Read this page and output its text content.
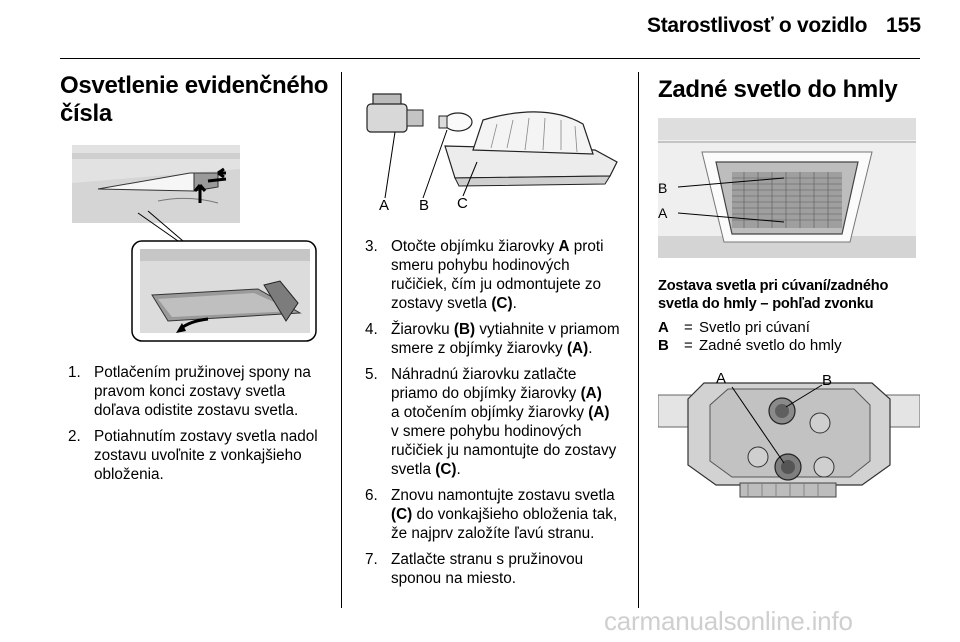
Starostlivosť o vozidlo 155
Osvetlenie evidenčného
čísla
1. Potlačením pružinovej spony na
pravom konci zostavy svetla
doľava odistite zostavu svetla.
2. Potiahnutím zostavy svetla nadol
zostavu uvoľnite z vonkajšieho
obloženia.
A B C
3. Otočte objímku žiarovky A proti
smeru pohybu hodinových
ručičiek, čím ju odmontujete zo
zostavy svetla (C).
4. Žiarovku (B) vytiahnite v priamom
smere z objímky žiarovky (A).
5. Náhradnú žiarovku zatlačte
priamo do objímky žiarovky (A)
a otočením objímky žiarovky (A)
v smere pohybu hodinových
ručičiek ju namontujte do zostavy
svetla (C).
6. Znovu namontujte zostavu svetla
(C) do vonkajšieho obloženia tak,
že najprv založíte ľavú stranu.
7. Zatlačte stranu s pružinovou
sponou na miesto.
Zadné svetlo do hmly
B
A
Zostava svetla pri cúvaní/zadného
svetla do hmly – pohľad zvonku
A = Svetlo pri cúvaní
B = Zadné svetlo do hmly
A	B
carmanualsonline.info
